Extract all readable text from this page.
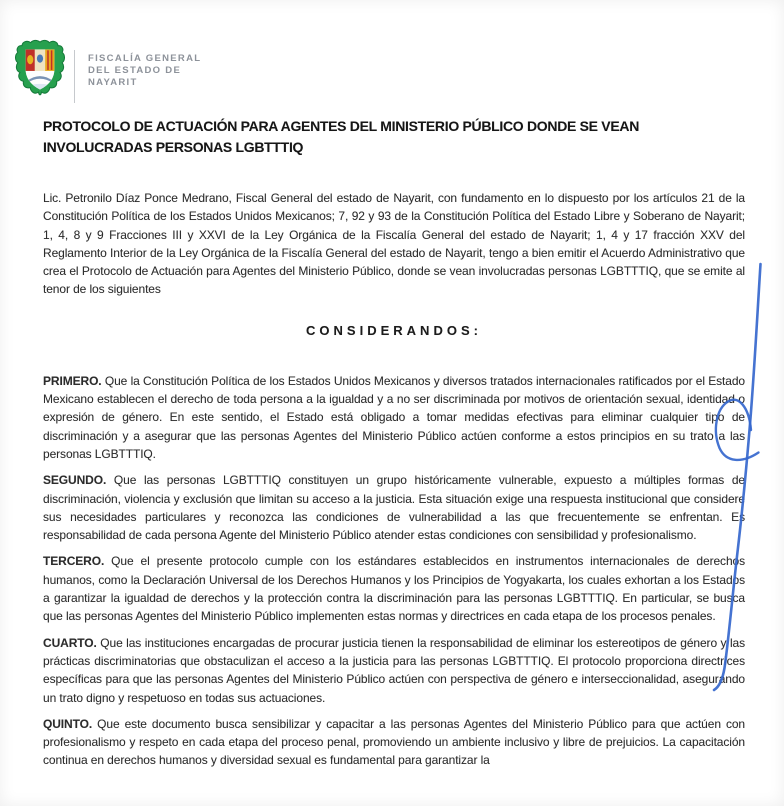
FISCALÍA GENERAL
DEL ESTADO DE
NAYARIT
PROTOCOLO DE ACTUACIÓN PARA AGENTES DEL MINISTERIO PÚBLICO DONDE SE VEAN INVOLUCRADAS PERSONAS LGBTTTIQ

Lic. Petronilo Díaz Ponce Medrano, Fiscal General del estado de Nayarit, con fundamento en lo dispuesto por los artículos 21 de la Constitución Política de los Estados Unidos Mexicanos; 7, 92 y 93 de la Constitución Política del Estado Libre y Soberano de Nayarit; 1, 4, 8 y 9 Fracciones III y XXVI de la Ley Orgánica de la Fiscalía General del estado de Nayarit; 1, 4 y 17 fracción XXV del Reglamento Interior de la Ley Orgánica de la Fiscalía General del estado de Nayarit, tengo a bien emitir el Acuerdo Administrativo que crea el Protocolo de Actuación para Agentes del Ministerio Público, donde se vean involucradas personas LGBTTTIQ, que se emite al tenor de los siguientes

CONSIDERANDOS:

PRIMERO. Que la Constitución Política de los Estados Unidos Mexicanos y diversos tratados internacionales ratificados por el Estado Mexicano establecen el derecho de toda persona a la igualdad y a no ser discriminada por motivos de orientación sexual, identidad o expresión de género. En este sentido, el Estado está obligado a tomar medidas efectivas para eliminar cualquier tipo de discriminación y a asegurar que las personas Agentes del Ministerio Público actúen conforme a estos principios en su trato a las personas LGBTTTIQ.

SEGUNDO. Que las personas LGBTTTIQ constituyen un grupo históricamente vulnerable, expuesto a múltiples formas de discriminación, violencia y exclusión que limitan su acceso a la justicia. Esta situación exige una respuesta institucional que considere sus necesidades particulares y reconozca las condiciones de vulnerabilidad a las que frecuentemente se enfrentan. Es responsabilidad de cada persona Agente del Ministerio Público atender estas condiciones con sensibilidad y profesionalismo.

TERCERO. Que el presente protocolo cumple con los estándares establecidos en instrumentos internacionales de derechos humanos, como la Declaración Universal de los Derechos Humanos y los Principios de Yogyakarta, los cuales exhortan a los Estados a garantizar la igualdad de derechos y la protección contra la discriminación para las personas LGBTTTIQ. En particular, se busca que las personas Agentes del Ministerio Público implementen estas normas y directrices en cada etapa de los procesos penales.

CUARTO. Que las instituciones encargadas de procurar justicia tienen la responsabilidad de eliminar los estereotipos de género y las prácticas discriminatorias que obstaculizan el acceso a la justicia para las personas LGBTTTIQ. El protocolo proporciona directrices específicas para que las personas Agentes del Ministerio Público actúen con perspectiva de género e interseccionalidad, asegurando un trato digno y respetuoso en todas sus actuaciones.

QUINTO. Que este documento busca sensibilizar y capacitar a las personas Agentes del Ministerio Público para que actúen con profesionalismo y respeto en cada etapa del proceso penal, promoviendo un ambiente inclusivo y libre de prejuicios. La capacitación continua en derechos humanos y diversidad sexual es fundamental para garantizar la
